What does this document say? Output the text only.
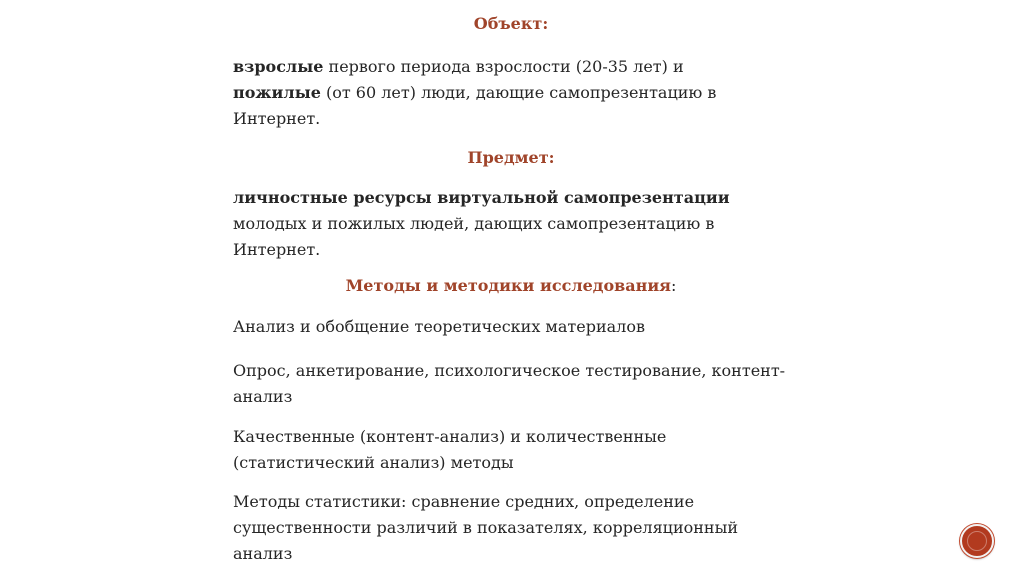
Объект:

взрослые первого периода взрослости (20-35 лет) и
пожилые (от 60 лет) люди, дающие самопрезентацию в Интернет.

Предмет:

личностные ресурсы виртуальной самопрезентации
молодых и пожилых людей, дающих самопрезентацию в Интернет.

Методы и методики исследования:

Анализ и обобщение теоретических материалов

Опрос, анкетирование, психологическое тестирование, контент-анализ

Качественные (контент-анализ) и количественные (статистический анализ) методы

Методы статистики: сравнение средних, определение существенности различий в показателях, корреляционный анализ
